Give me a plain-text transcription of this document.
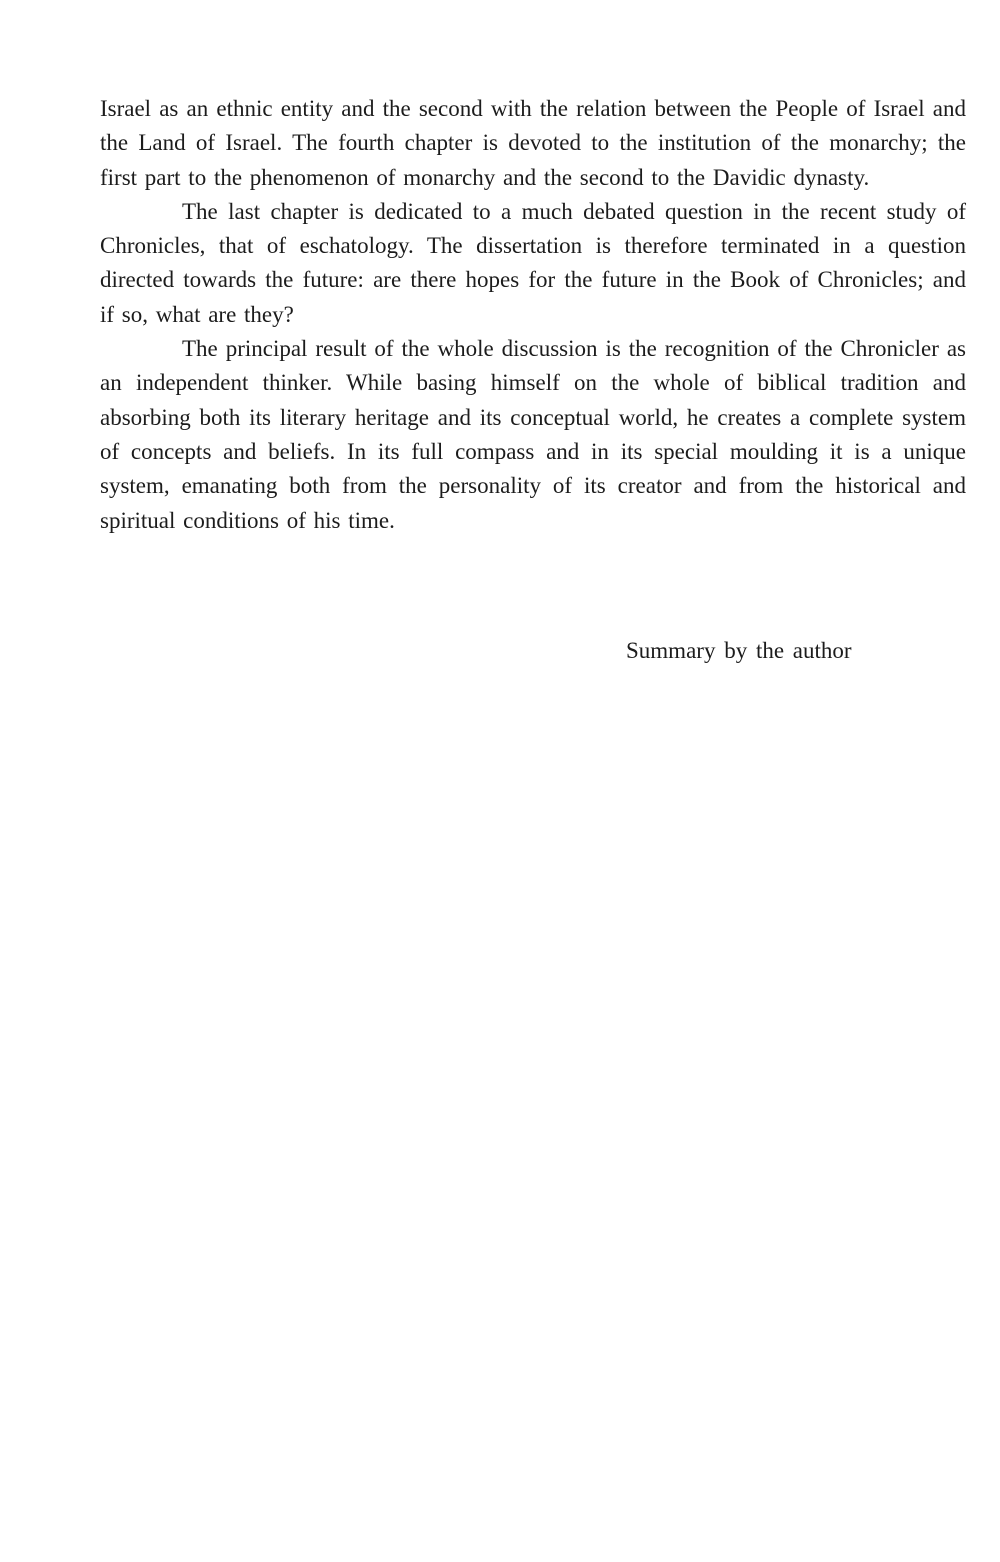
Israel as an ethnic entity and the second with the relation between the People of Israel and the Land of Israel. The fourth chapter is devoted to the institution of the monarchy; the first part to the phenomenon of monarchy and the second to the Davidic dynasty.

The last chapter is dedicated to a much debated question in the recent study of Chronicles, that of eschatology. The dissertation is therefore terminated in a question directed towards the future: are there hopes for the future in the Book of Chronicles; and if so, what are they?

The principal result of the whole discussion is the recognition of the Chronicler as an independent thinker. While basing himself on the whole of biblical tradition and absorbing both its literary heritage and its conceptual world, he creates a complete system of concepts and beliefs. In its full compass and in its special moulding it is a unique system, emanating both from the personality of its creator and from the historical and spiritual conditions of his time.

Summary by the author
